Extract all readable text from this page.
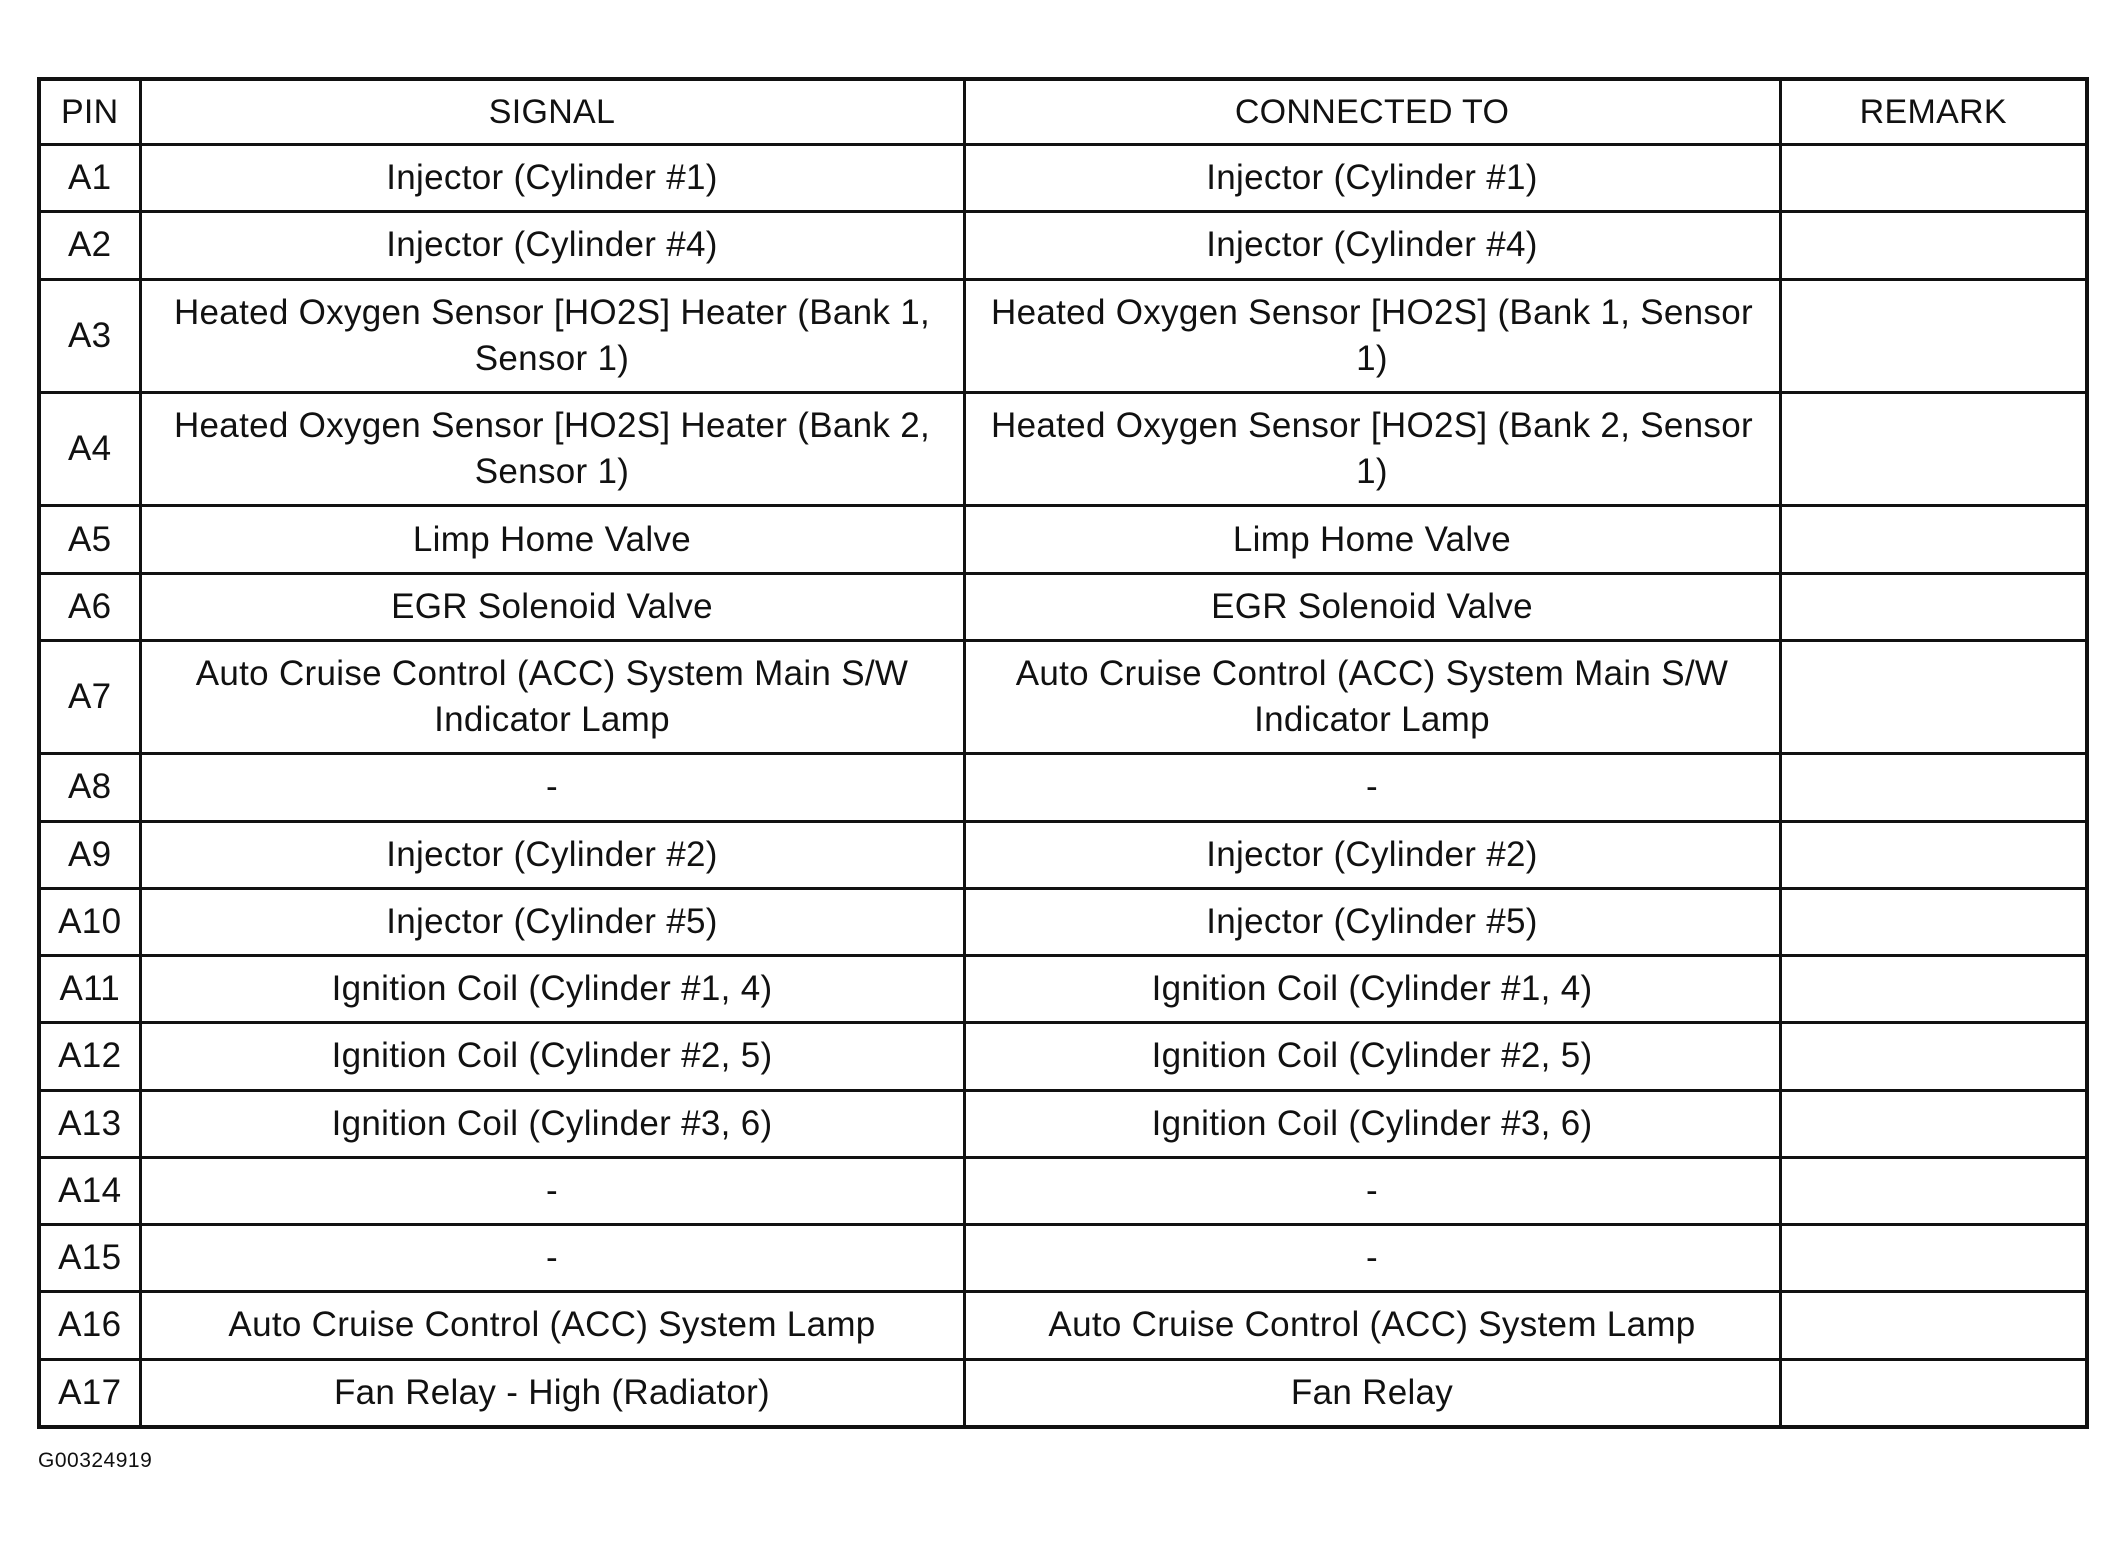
PIN	SIGNAL	CONNECTED TO	REMARK
A1	Injector (Cylinder #1)	Injector (Cylinder #1)	
A2	Injector (Cylinder #4)	Injector (Cylinder #4)	
A3	Heated Oxygen Sensor [HO2S] Heater (Bank 1, Sensor 1)	Heated Oxygen Sensor [HO2S] (Bank 1, Sensor 1)	
A4	Heated Oxygen Sensor [HO2S] Heater (Bank 2, Sensor 1)	Heated Oxygen Sensor [HO2S] (Bank 2, Sensor 1)	
A5	Limp Home Valve	Limp Home Valve	
A6	EGR Solenoid Valve	EGR Solenoid Valve	
A7	Auto Cruise Control (ACC) System Main S/W Indicator Lamp	Auto Cruise Control (ACC) System Main S/W Indicator Lamp	
A8	-	-	
A9	Injector (Cylinder #2)	Injector (Cylinder #2)	
A10	Injector (Cylinder #5)	Injector (Cylinder #5)	
A11	Ignition Coil (Cylinder #1, 4)	Ignition Coil (Cylinder #1, 4)	
A12	Ignition Coil (Cylinder #2, 5)	Ignition Coil (Cylinder #2, 5)	
A13	Ignition Coil (Cylinder #3, 6)	Ignition Coil (Cylinder #3, 6)	
A14	-	-	
A15	-	-	
A16	Auto Cruise Control (ACC) System Lamp	Auto Cruise Control (ACC) System Lamp	
A17	Fan Relay - High (Radiator)	Fan Relay	
G00324919
